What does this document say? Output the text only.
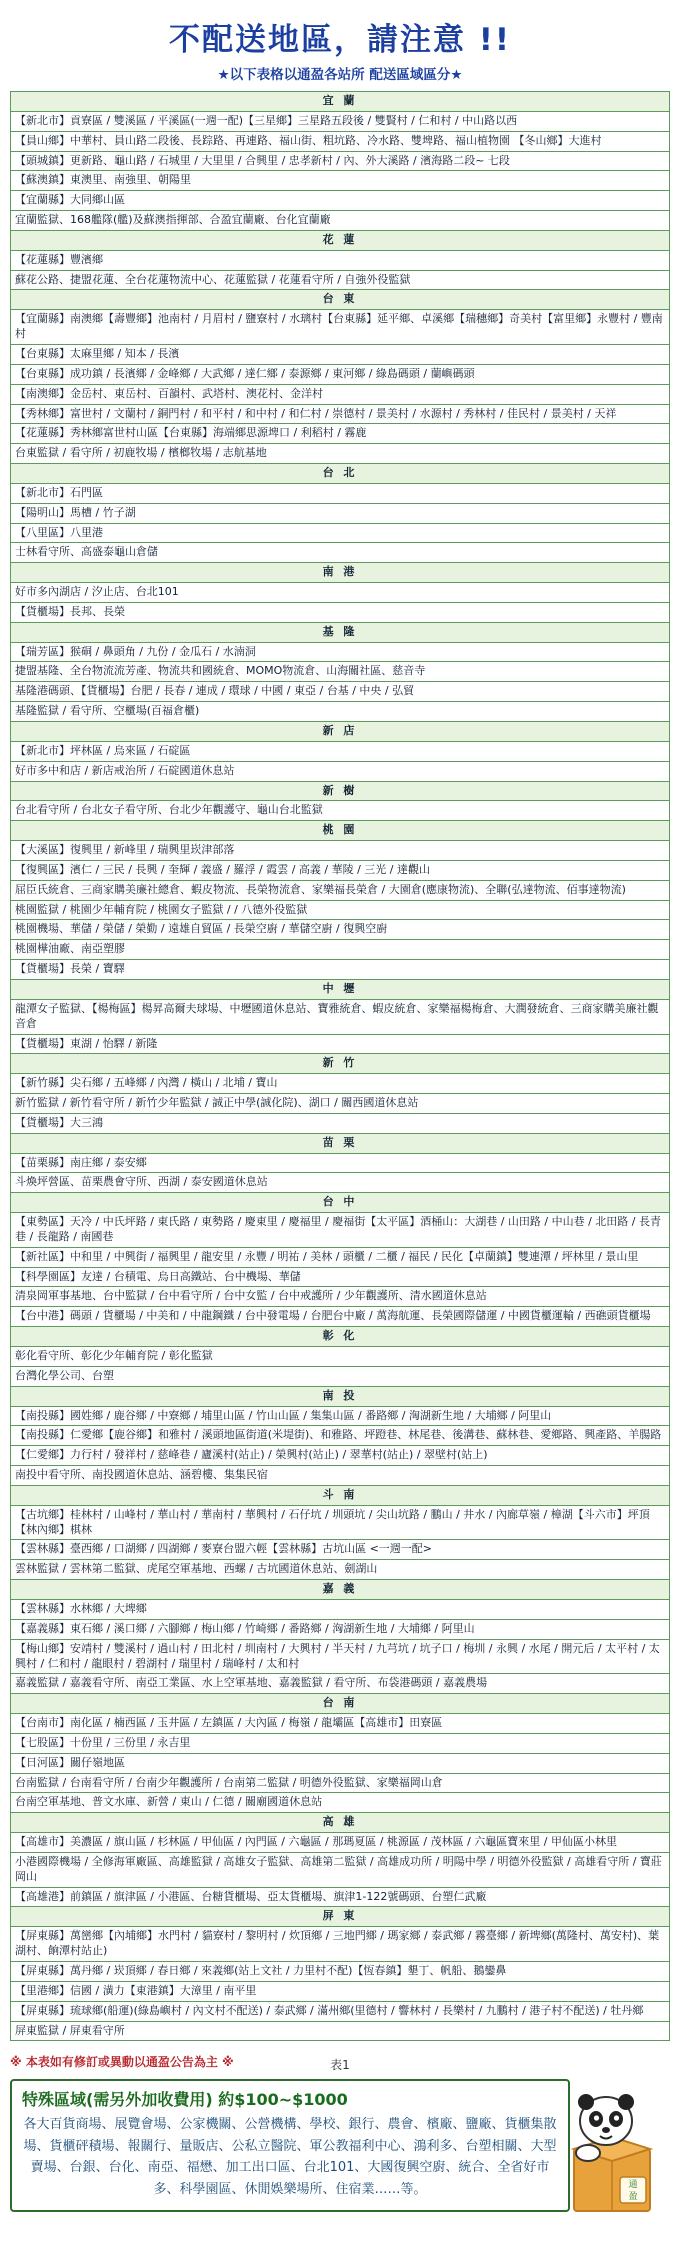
不配送地區，請注意 !!
★以下表格以通盈各站所 配送區域區分★
宜 蘭
【新北市】貢寮區 / 雙溪區 / 平溪區(一週一配)【三星鄉】三星路五段後 / 雙賢村 / 仁和村 / 中山路以西
【員山鄉】中華村、員山路二段後、長踪路、再連路、福山街、粗坑路、冷水路、雙埤路、福山植物園 【冬山鄉】大進村
【頭城鎮】更新路、龜山路 / 石城里 / 大里里 / 合興里 / 忠孝新村 / 內、外大溪路 / 濱海路二段~ 七段
【蘇澳鎮】東澳里、南強里、朝陽里
【宜蘭縣】大同鄉山區
宜蘭監獄、168艦隊(艦)及蘇澳指揮部、合盈宜蘭廠、台化宜蘭廠
花 蓮
【花蓮縣】豐濱鄉
蘇花公路、捷盟花蓮、全台花蓮物流中心、花蓮監獄 / 花蓮看守所 / 自強外役監獄
台 東
【宜蘭縣】南澳鄉【壽豐鄉】池南村 / 月眉村 / 鹽寮村 / 水璃村【台東縣】延平鄉、卓溪鄉【瑞穗鄉】奇美村【富里鄉】永豐村 / 豐南村
【台東縣】太麻里鄉 / 知本 / 長濱
【台東縣】成功鎮 / 長濱鄉 / 金峰鄉 / 大武鄉 / 達仁鄉 / 泰源鄉 / 東河鄉 / 綠島碼頭 / 蘭嶼碼頭
【南澳鄉】金岳村、東岳村、百韻村、武塔村、澳花村、金洋村
【秀林鄉】富世村 / 文蘭村 / 銅門村 / 和平村 / 和中村 / 和仁村 / 崇德村 / 景美村 / 水源村 / 秀林村 / 佳民村 / 景美村 / 天祥
【花蓮縣】秀林鄉富世村山區【台東縣】海端鄉思源埤口 / 利稻村 / 霧鹿
台東監獄 / 看守所 / 初鹿牧場 / 檳榔牧場 / 志航基地
台 北
【新北市】石門區
【陽明山】馬槽 / 竹子湖
【八里區】八里港
士林看守所、高盛泰龜山倉儲
南 港
好市多內湖店 / 汐止店、台北101
【貨櫃場】長邦、長榮
基 隆
【瑞芳區】猴硐 / 鼻頭角 / 九份 / 金瓜石 / 水湳洞
捷盟基隆、全台物流流芳產、物流共和國統倉、MOMO物流倉、山海關社區、慈音寺
基隆港碼頭、【貨櫃場】台肥 / 長春 / 連成 / 環球 / 中國 / 東亞 / 台基 / 中央 / 弘貿
基隆監獄 / 看守所、空櫃場(百福倉櫃)
新 店
【新北市】坪林區 / 烏來區 / 石碇區
好市多中和店 / 新店戒治所 / 石碇國道休息站
新 樹
台北看守所 / 台北女子看守所、台北少年觀護守、龜山台北監獄
桃 園
【大溪區】復興里 / 新峰里 / 瑞興里崁津部落
【復興區】濱仁 / 三民 / 長興 / 奎輝 / 義盛 / 羅浮 / 霞雲 / 高義 / 華陵 / 三光 / 達觀山
屈臣氏統倉、三商家購美廉社總倉、蝦皮物流、長榮物流倉、家樂福長榮倉 / 大園倉(應康物流)、全聯(弘達物流、佰事達物流)
桃園監獄 / 桃園少年輔育院 / 桃園女子監獄 / / 八德外役監獄
桃園機場、華儲 / 榮儲 / 榮勤 / 遠雄自貿區 / 長榮空廚 / 華儲空廚 / 復興空廚
桃園樺油廠、南亞塑膠
【貨櫃場】長榮 / 寶驛
中 壢
龍潭女子監獄、【楊梅區】楊昇高爾夫球場、中壢國道休息站、寶雅統倉、蝦皮統倉、家樂福楊梅倉、大潤發統倉、三商家購美廉社觀音倉
【貨櫃場】東湖 / 怡驛 / 新隆
新 竹
【新竹縣】尖石鄉 / 五峰鄉 / 內灣 / 橫山 / 北埔 / 寶山
新竹監獄 / 新竹看守所 / 新竹少年監獄 / 誠正中學(誠化院)、湖口 / 關西國道休息站
【貨櫃場】大三鴻
苗 栗
【苗栗縣】南庄鄉 / 泰安鄉
斗煥坪營區、苗栗農會守所、西湖 / 泰安國道休息站
台 中
【東勢區】天冷 / 中氏坪路 / 東氏路 / 東勢路 / 慶東里 / 慶福里 / 慶福街【太平區】酒桶山：大湖巷 / 山田路 / 中山巷 / 北田路 / 長青巷 / 長龍路 / 南國巷
【新社區】中和里 / 中興街 / 福興里 / 龍安里 / 永豐 / 明祐 / 美林 / 頭櫃 / 二櫃 / 福民 / 民化【卓蘭鎮】雙連潭 / 坪林里 / 景山里
【科學園區】友達 / 台積電、烏日高鐵站、台中機場、華儲
清泉岡軍事基地、台中監獄 / 台中看守所 / 台中女監 / 台中戒護所 / 少年觀護所、清水國道休息站
【台中港】碼頭 / 貨櫃場 / 中美和 / 中龍鋼鐵 / 台中發電場 / 台肥台中廠 / 萬海航運、長榮國際儲運 / 中國貨櫃運輸 / 西礁頭貨櫃場
彰 化
彰化看守所、彰化少年輔育院 / 彰化監獄
台灣化學公司、台塑
南 投
【南投縣】國姓鄉 / 鹿谷鄉 / 中寮鄉 / 埔里山區 / 竹山山區 / 集集山區 / 番路鄉 / 洶湖新生地 / 大埔鄉 / 阿里山
【南投縣】仁愛鄉【鹿谷鄉】和雅村 / 溪頭地區街道(米堤街)、和雅路、坪蹬巷、林尾巷、後溝巷、蘇林巷、愛鄉路、興產路、羊腸路
【仁愛鄉】力行村 / 發祥村 / 慈峰巷 / 廬溪村(站止) / 榮興村(站止) / 翠華村(站止) / 翠壁村(站上)
南投中看守所、南投國道休息站、涵碧樓、集集民宿
斗 南
【古坑鄉】桂林村 / 山峰村 / 華山村 / 華南村 / 華興村 / 石仔坑 / 圳頭坑 / 尖山坑路 / 鵬山 / 井水 / 內廊草嶺 / 樟湖【斗六市】坪頂【林內鄉】棋林
【雲林縣】臺西鄉 / 口湖鄉 / 四湖鄉 / 麥寮台盟六輕【雲林縣】古坑山區 <一週一配>
雲林監獄 / 雲林第二監獄、虎尾空軍基地、西螺 / 古坑國道休息站、劍湖山
嘉 義
【雲林縣】水林鄉 / 大埤鄉
【嘉義縣】東石鄉 / 溪口鄉 / 六腳鄉 / 梅山鄉 / 竹崎鄉 / 番路鄉 / 洶湖新生地 / 大埔鄉 / 阿里山
【梅山鄉】安靖村 / 雙溪村 / 過山村 / 田北村 / 圳南村 / 大興村 / 半天村 / 九芎坑 / 坑子口 / 梅圳 / 永興 / 水尾 / 開元后 / 太平村 / 太興村 / 仁和村 / 龍眼村 / 碧湖村 / 瑞里村 / 瑞峰村 / 太和村
嘉義監獄 / 嘉義看守所、南亞工業區、水上空軍基地、嘉義監獄 / 看守所、布袋港碼頭 / 嘉義農場
台 南
【台南市】南化區 / 楠西區 / 玉井區 / 左鎮區 / 大內區 / 梅嶺 / 龍壩區【高雄市】田寮區
【七股區】十份里 / 三份里 / 永吉里
【日河區】關仔嶺地區
台南監獄 / 台南看守所 / 台南少年觀護所 / 台南第二監獄 / 明德外役監獄、家樂福岡山倉
台南空軍基地、普文水庫、新營 / 東山 / 仁德 / 關廟國道休息站
高 雄
【高雄市】美濃區 / 旗山區 / 杉林區 / 甲仙區 / 內門區 / 六龜區 / 那瑪夏區 / 桃源區 / 茂林區 / 六龜區寶來里 / 甲仙區小林里
小港國際機場 / 全修海軍廠區、高雄監獄 / 高雄女子監獄、高雄第二監獄 / 高雄成功所 / 明陽中學 / 明德外役監獄 / 高雄看守所 / 寶莊岡山
【高雄港】前鎮區 / 旗津區 / 小港區、台糖貨櫃場、亞太貨櫃場、旗津1-122號碼頭、台塑仁武廠
屏 東
【屏東縣】萬巒鄉【內埔鄉】水門村 / 貓寮村 / 黎明村 / 炊頂鄉 / 三地門鄉 / 瑪家鄉 / 泰武鄉 / 霧臺鄉 / 新埤鄉(萬隆村、萬安村)、葉湖村、餉潭村站止)
【屏東縣】萬丹鄉 / 崁頂鄉 / 春日鄉 / 來義鄉(站上文社 / 力里村不配)【恆春鎮】墾丁、帆船、鵝鑾鼻
【里港鄉】信國 / 潢力【東港鎮】大漳里 / 南平里
【屏東縣】琉球鄉(船運)(綠島嶼村 / 內文村不配送) / 泰武鄉 / 滿州鄉(里德村 / 響林村 / 長樂村 / 九鵬村 / 港子村不配送) / 牡丹鄉
屏東監獄 / 屏東看守所
※ 本表如有修訂或異動以通盈公告為主 ※	表1
特殊區域(需另外加收費用) 約$100~$1000
各大百貨商場、展覽會場、公家機關、公營機構、學校、銀行、農會、檳廠、鹽廠、貨櫃集散場、貨櫃砰積場、報關行、量販店、公私立醫院、軍公教福利中心、鴻利多、台塑相關、大型賣場、台銀、台化、南亞、福懋、加工出口區、台北101、大國復興空廚、統合、全省好市多、科學園區、休閒娛樂場所、住宿業……等。	通
盈
